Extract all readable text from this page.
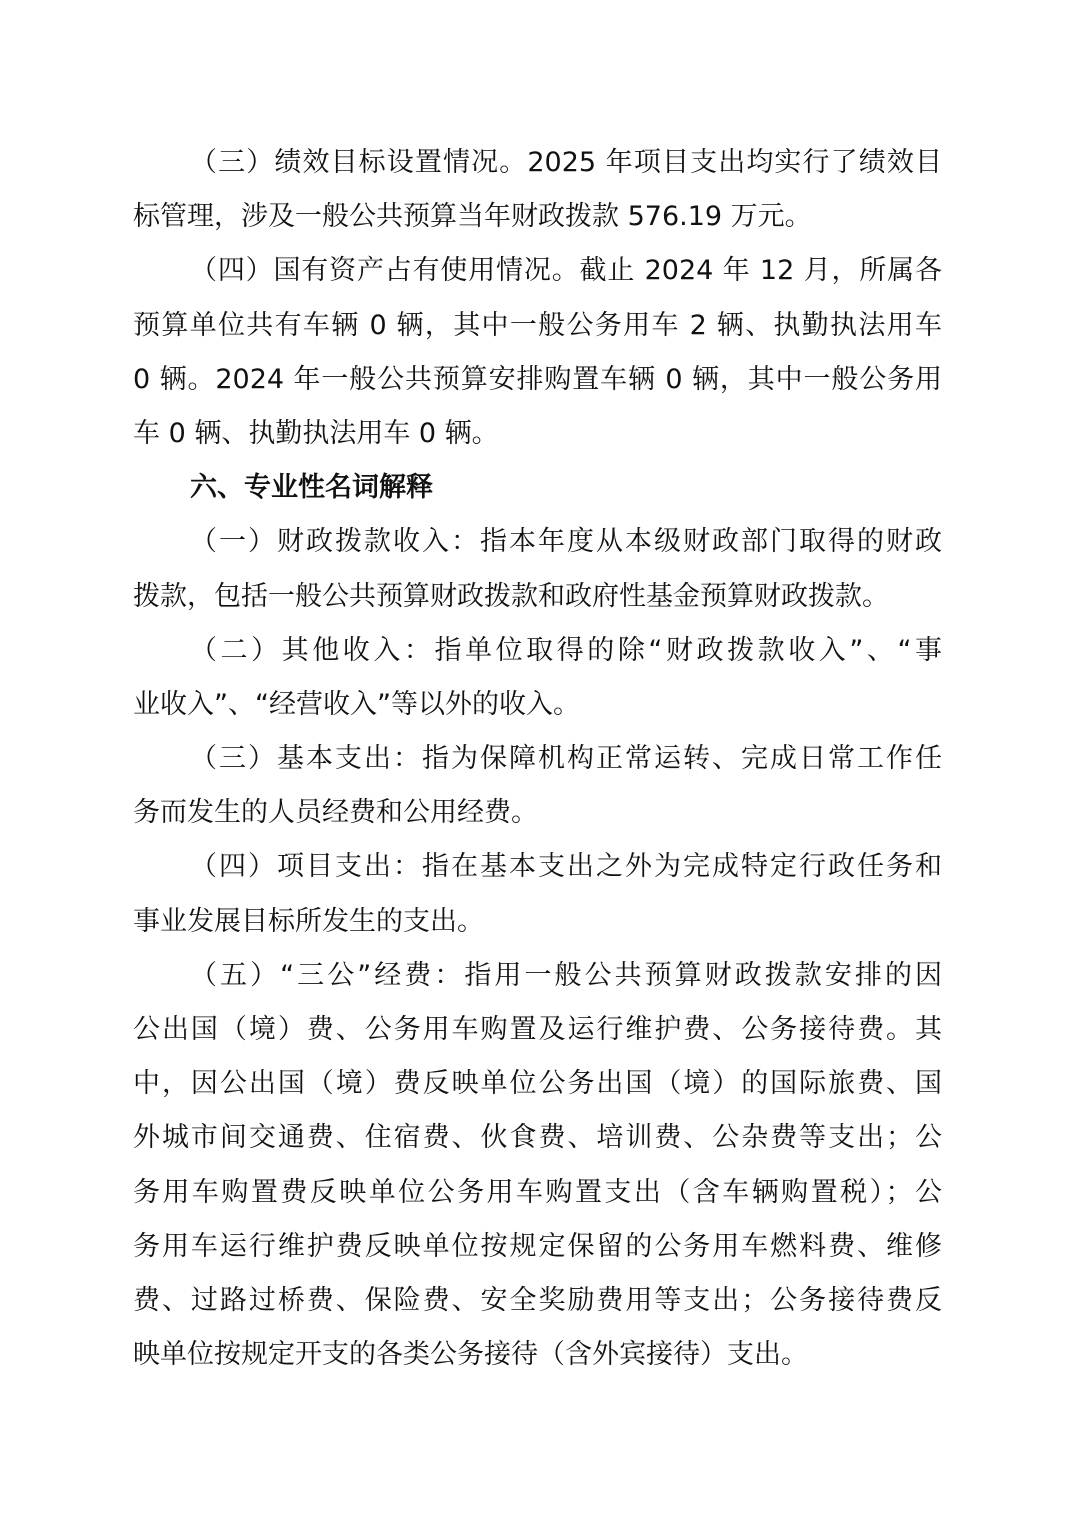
（三）绩效目标设置情况。2025 年项目支出均实行了绩效目
标管理，涉及一般公共预算当年财政拨款 576.19 万元。
（四）国有资产占有使用情况。截止 2024 年 12 月，所属各
预算单位共有车辆 0 辆，其中一般公务用车 2 辆、执勤执法用车
0 辆。2024 年一般公共预算安排购置车辆 0 辆，其中一般公务用
车 0 辆、执勤执法用车 0 辆。
六、专业性名词解释
（一）财政拨款收入：指本年度从本级财政部门取得的财政
拨款，包括一般公共预算财政拨款和政府性基金预算财政拨款。
（二）其他收入：指单位取得的除“财政拨款收入”、“事
业收入”、“经营收入”等以外的收入。
（三）基本支出：指为保障机构正常运转、完成日常工作任
务而发生的人员经费和公用经费。
（四）项目支出：指在基本支出之外为完成特定行政任务和
事业发展目标所发生的支出。
（五）“三公”经费：指用一般公共预算财政拨款安排的因
公出国（境）费、公务用车购置及运行维护费、公务接待费。其
中，因公出国（境）费反映单位公务出国（境）的国际旅费、国
外城市间交通费、住宿费、伙食费、培训费、公杂费等支出；公
务用车购置费反映单位公务用车购置支出（含车辆购置税）；公
务用车运行维护费反映单位按规定保留的公务用车燃料费、维修
费、过路过桥费、保险费、安全奖励费用等支出；公务接待费反
映单位按规定开支的各类公务接待（含外宾接待）支出。
